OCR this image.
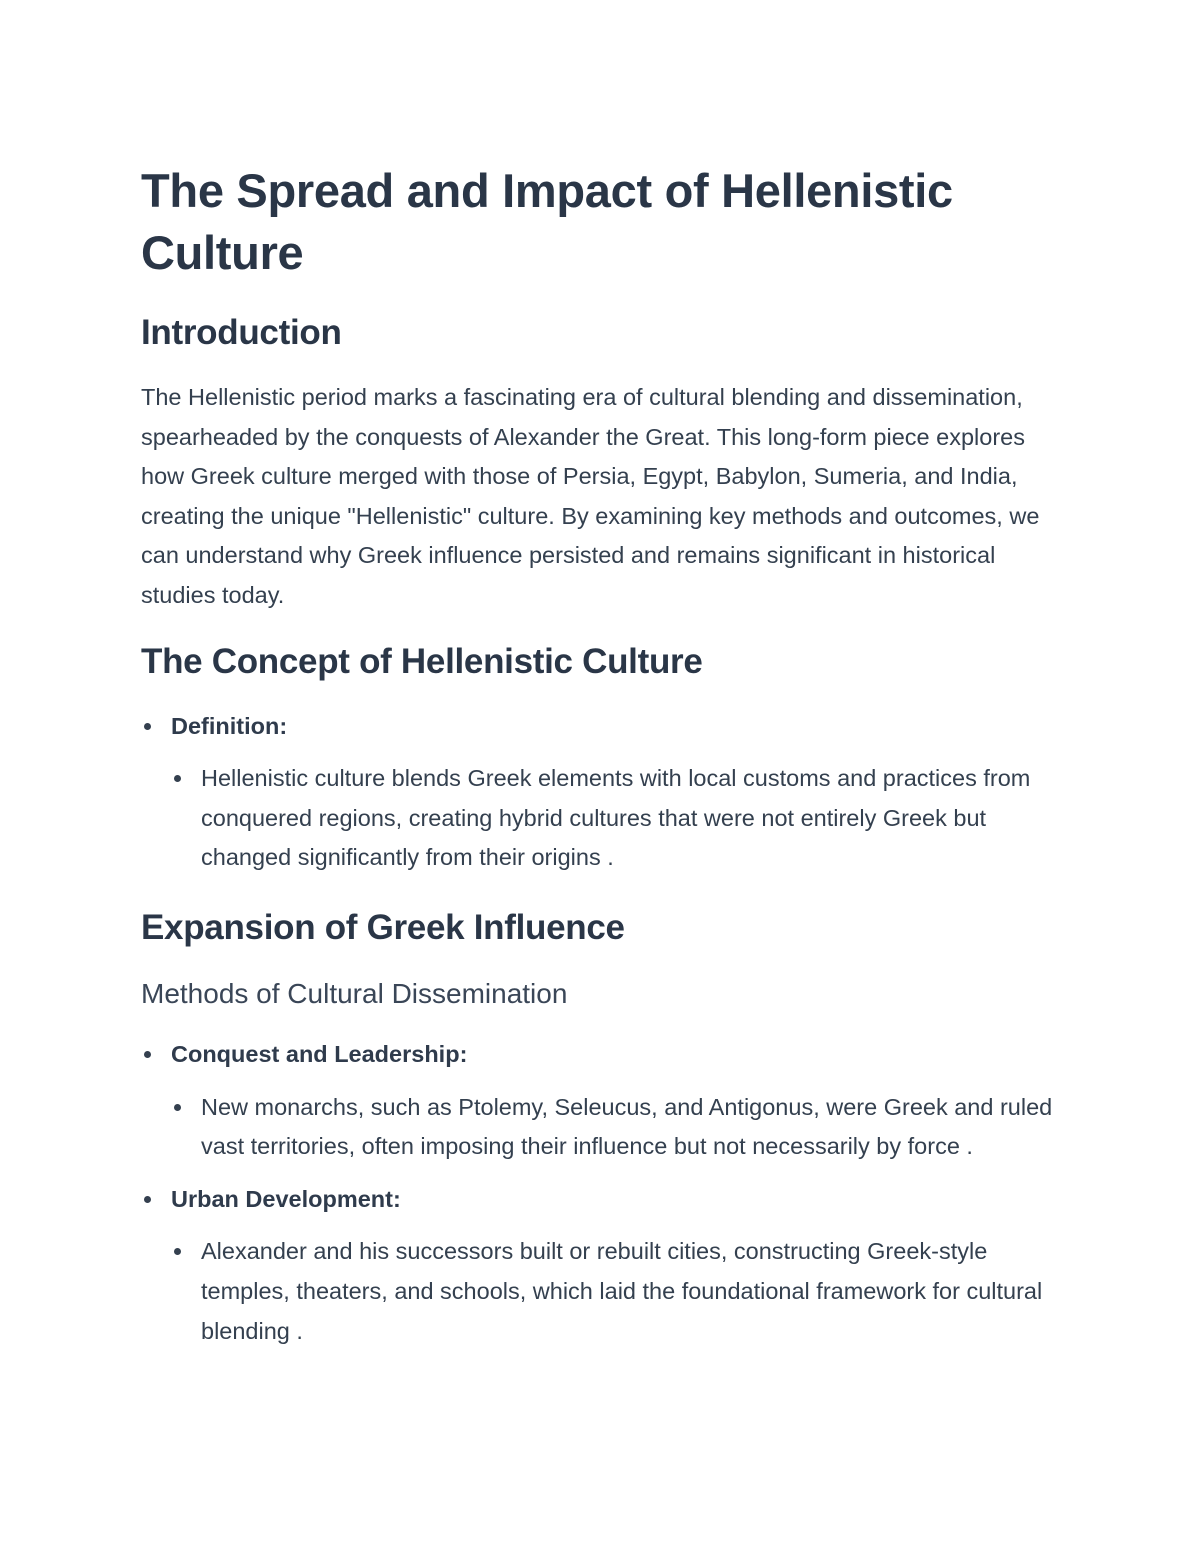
The Spread and Impact of Hellenistic Culture
Introduction

The Hellenistic period marks a fascinating era of cultural blending and dissemination, spearheaded by the conquests of Alexander the Great. This long-form piece explores how Greek culture merged with those of Persia, Egypt, Babylon, Sumeria, and India, creating the unique "Hellenistic" culture. By examining key methods and outcomes, we can understand why Greek influence persisted and remains significant in historical studies today.

The Concept of Hellenistic Culture
Definition:
Hellenistic culture blends Greek elements with local customs and practices from conquered regions, creating hybrid cultures that were not entirely Greek but changed significantly from their origins .
Expansion of Greek Influence
Methods of Cultural Dissemination
Conquest and Leadership:
New monarchs, such as Ptolemy, Seleucus, and Antigonus, were Greek and ruled vast territories, often imposing their influence but not necessarily by force .
Urban Development:
Alexander and his successors built or rebuilt cities, constructing Greek-style temples, theaters, and schools, which laid the foundational framework for cultural blending .
